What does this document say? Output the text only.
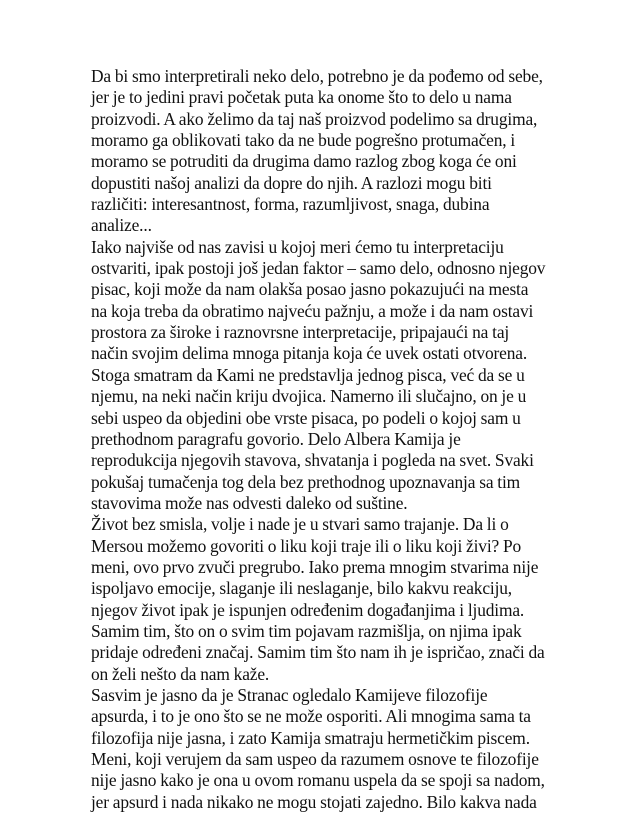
Da bi smo interpretirali neko delo, potrebno je da pođemo od sebe,
jer je to jedini pravi početak puta ka onome što to delo u nama
proizvodi. A ako želimo da taj naš proizvod podelimo sa drugima,
moramo ga oblikovati tako da ne bude pogrešno protumačen, i
moramo se potruditi da drugima damo razlog zbog koga će oni
dopustiti našoj analizi da dopre do njih. A razlozi mogu biti
različiti: interesantnost, forma, razumljivost, snaga, dubina
analize...
Iako najviše od nas zavisi u kojoj meri ćemo tu interpretaciju
ostvariti, ipak postoji još jedan faktor – samo delo, odnosno njegov
pisac, koji može da nam olakša posao jasno pokazujući na mesta
na koja treba da obratimo najveću pažnju, a može i da nam ostavi
prostora za široke i raznovrsne interpretacije, pripajaući na taj
način svojim delima mnoga pitanja koja će uvek ostati otvorena.
Stoga smatram da Kami ne predstavlja jednog pisca, već da se u
njemu, na neki način kriju dvojica. Namerno ili slučajno, on je u
sebi uspeo da objedini obe vrste pisaca, po podeli o kojoj sam u
prethodnom paragrafu govorio. Delo Albera Kamija je
reprodukcija njegovih stavova, shvatanja i pogleda na svet. Svaki
pokušaj tumačenja tog dela bez prethodnog upoznavanja sa tim
stavovima može nas odvesti daleko od suštine.
Život bez smisla, volje i nade je u stvari samo trajanje. Da li o
Mersou možemo govoriti o liku koji traje ili o liku koji živi? Po
meni, ovo prvo zvuči pregrubo. Iako prema mnogim stvarima nije
ispoljavo emocije, slaganje ili neslaganje, bilo kakvu reakciju,
njegov život ipak je ispunjen određenim događanjima i ljudima.
Samim tim, što on o svim tim pojavam razmišlja, on njima ipak
pridaje određeni značaj. Samim tim što nam ih je ispričao, znači da
on želi nešto da nam kaže.
Sasvim je jasno da je Stranac ogledalo Kamijeve filozofije
apsurda, i to je ono što se ne može osporiti. Ali mnogima sama ta
filozofija nije jasna, i zato Kamija smatraju hermetičkim piscem.
Meni, koji verujem da sam uspeo da razumem osnove te filozofije
nije jasno kako je ona u ovom romanu uspela da se spoji sa nadom,
jer apsurd i nada nikako ne mogu stojati zajedno. Bilo kakva nada
